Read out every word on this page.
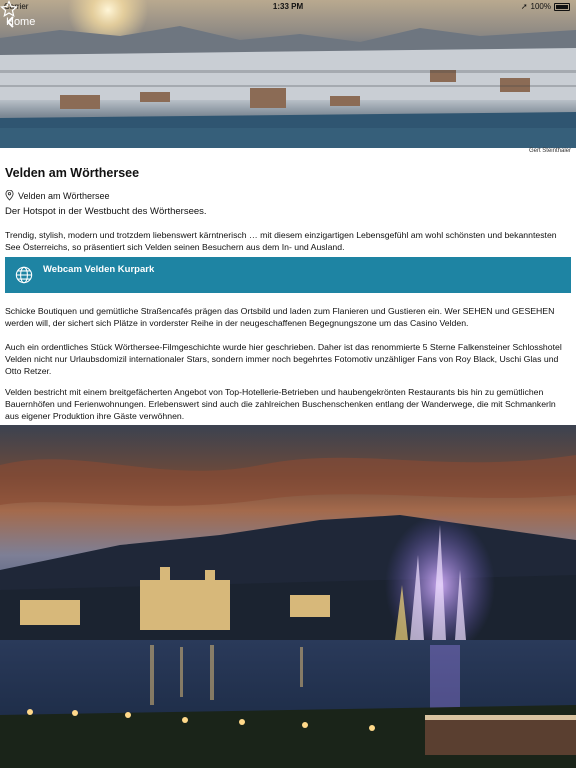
Carrier	1:33 PM	➚ 100%
Home
Gert Steinthaler
Velden am Wörthersee
Velden am Wörthersee
Der Hotspot in der Westbucht des Wörthersees.

Trendig, stylish, modern und trotzdem liebenswert kärntnerisch … mit diesem einzigartigen Lebensgefühl am wohl schönsten und bekanntesten See Österreichs, so präsentiert sich Velden seinen Besuchern aus dem In- und Ausland.

Webcam Velden Kurpark

Schicke Boutiquen und gemütliche Straßencafés prägen das Ortsbild und laden zum Flanieren und Gustieren ein. Wer SEHEN und GESEHEN werden will, der sichert sich Plätze in vorderster Reihe in der neugeschaffenen Begegnungszone um das Casino Velden.

Auch ein ordentliches Stück Wörthersee-Filmgeschichte wurde hier geschrieben. Daher ist das renommierte 5 Sterne Falkensteiner Schlosshotel Velden nicht nur Urlaubsdomizil internationaler Stars, sondern immer noch begehrtes Fotomotiv unzähliger Fans von Roy Black, Uschi Glas und Otto Retzer.

Velden bestricht mit einem breitgefächerten Angebot von Top-Hotellerie-Betrieben und haubengekrönten Restaurants bis hin zu gemütlichen Bauernhöfen und Ferienwohnungen. Erlebenswert sind auch die zahlreichen Buschenschenken entlang der Wanderwege, die mit Schmankerln aus eigener Produktion ihre Gäste verwöhnen.
